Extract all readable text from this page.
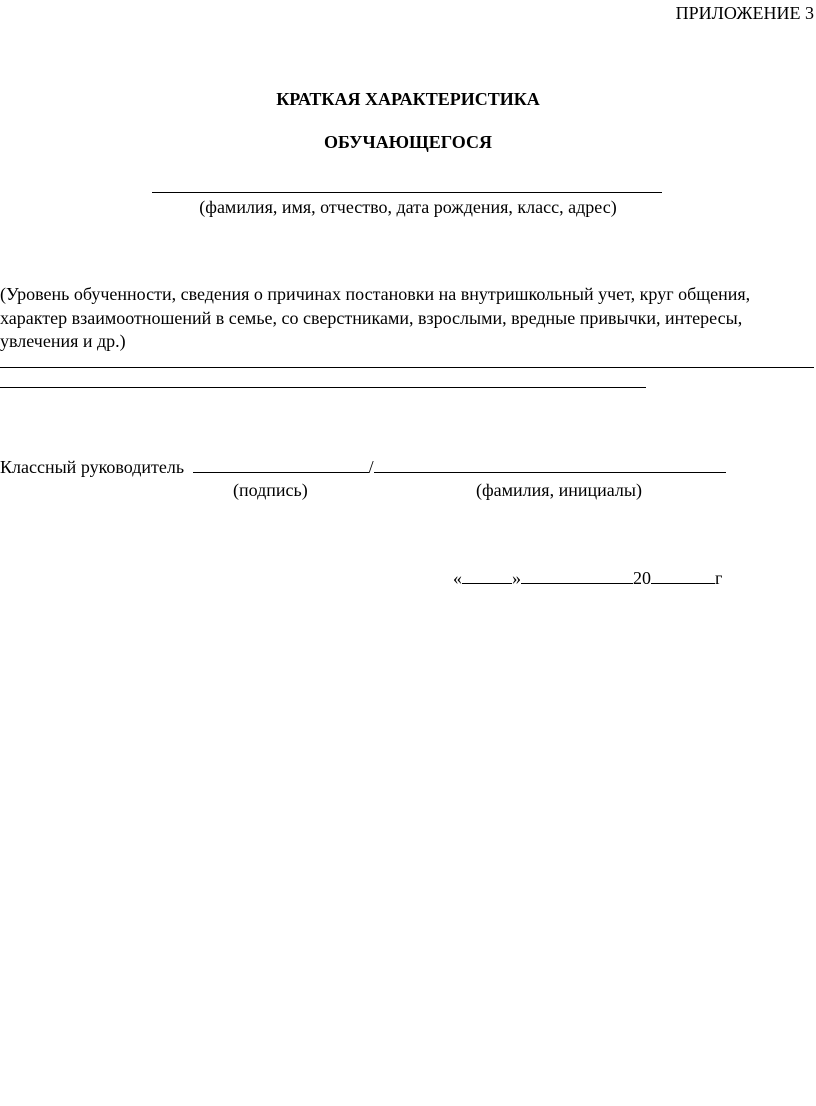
ПРИЛОЖЕНИЕ 3
КРАТКАЯ ХАРАКТЕРИСТИКА
ОБУЧАЮЩЕГОСЯ
(фамилия, имя, отчество, дата рождения, класс, адрес)
(Уровень обученности, сведения о причинах постановки на внутришкольный учет, круг общения, характер взаимоотношений в семье, со сверстниками, взрослыми, вредные привычки, интересы, увлечения и др.)
Классный руководитель	/
(подпись)	(фамилия, инициалы)
«	»	20	г
